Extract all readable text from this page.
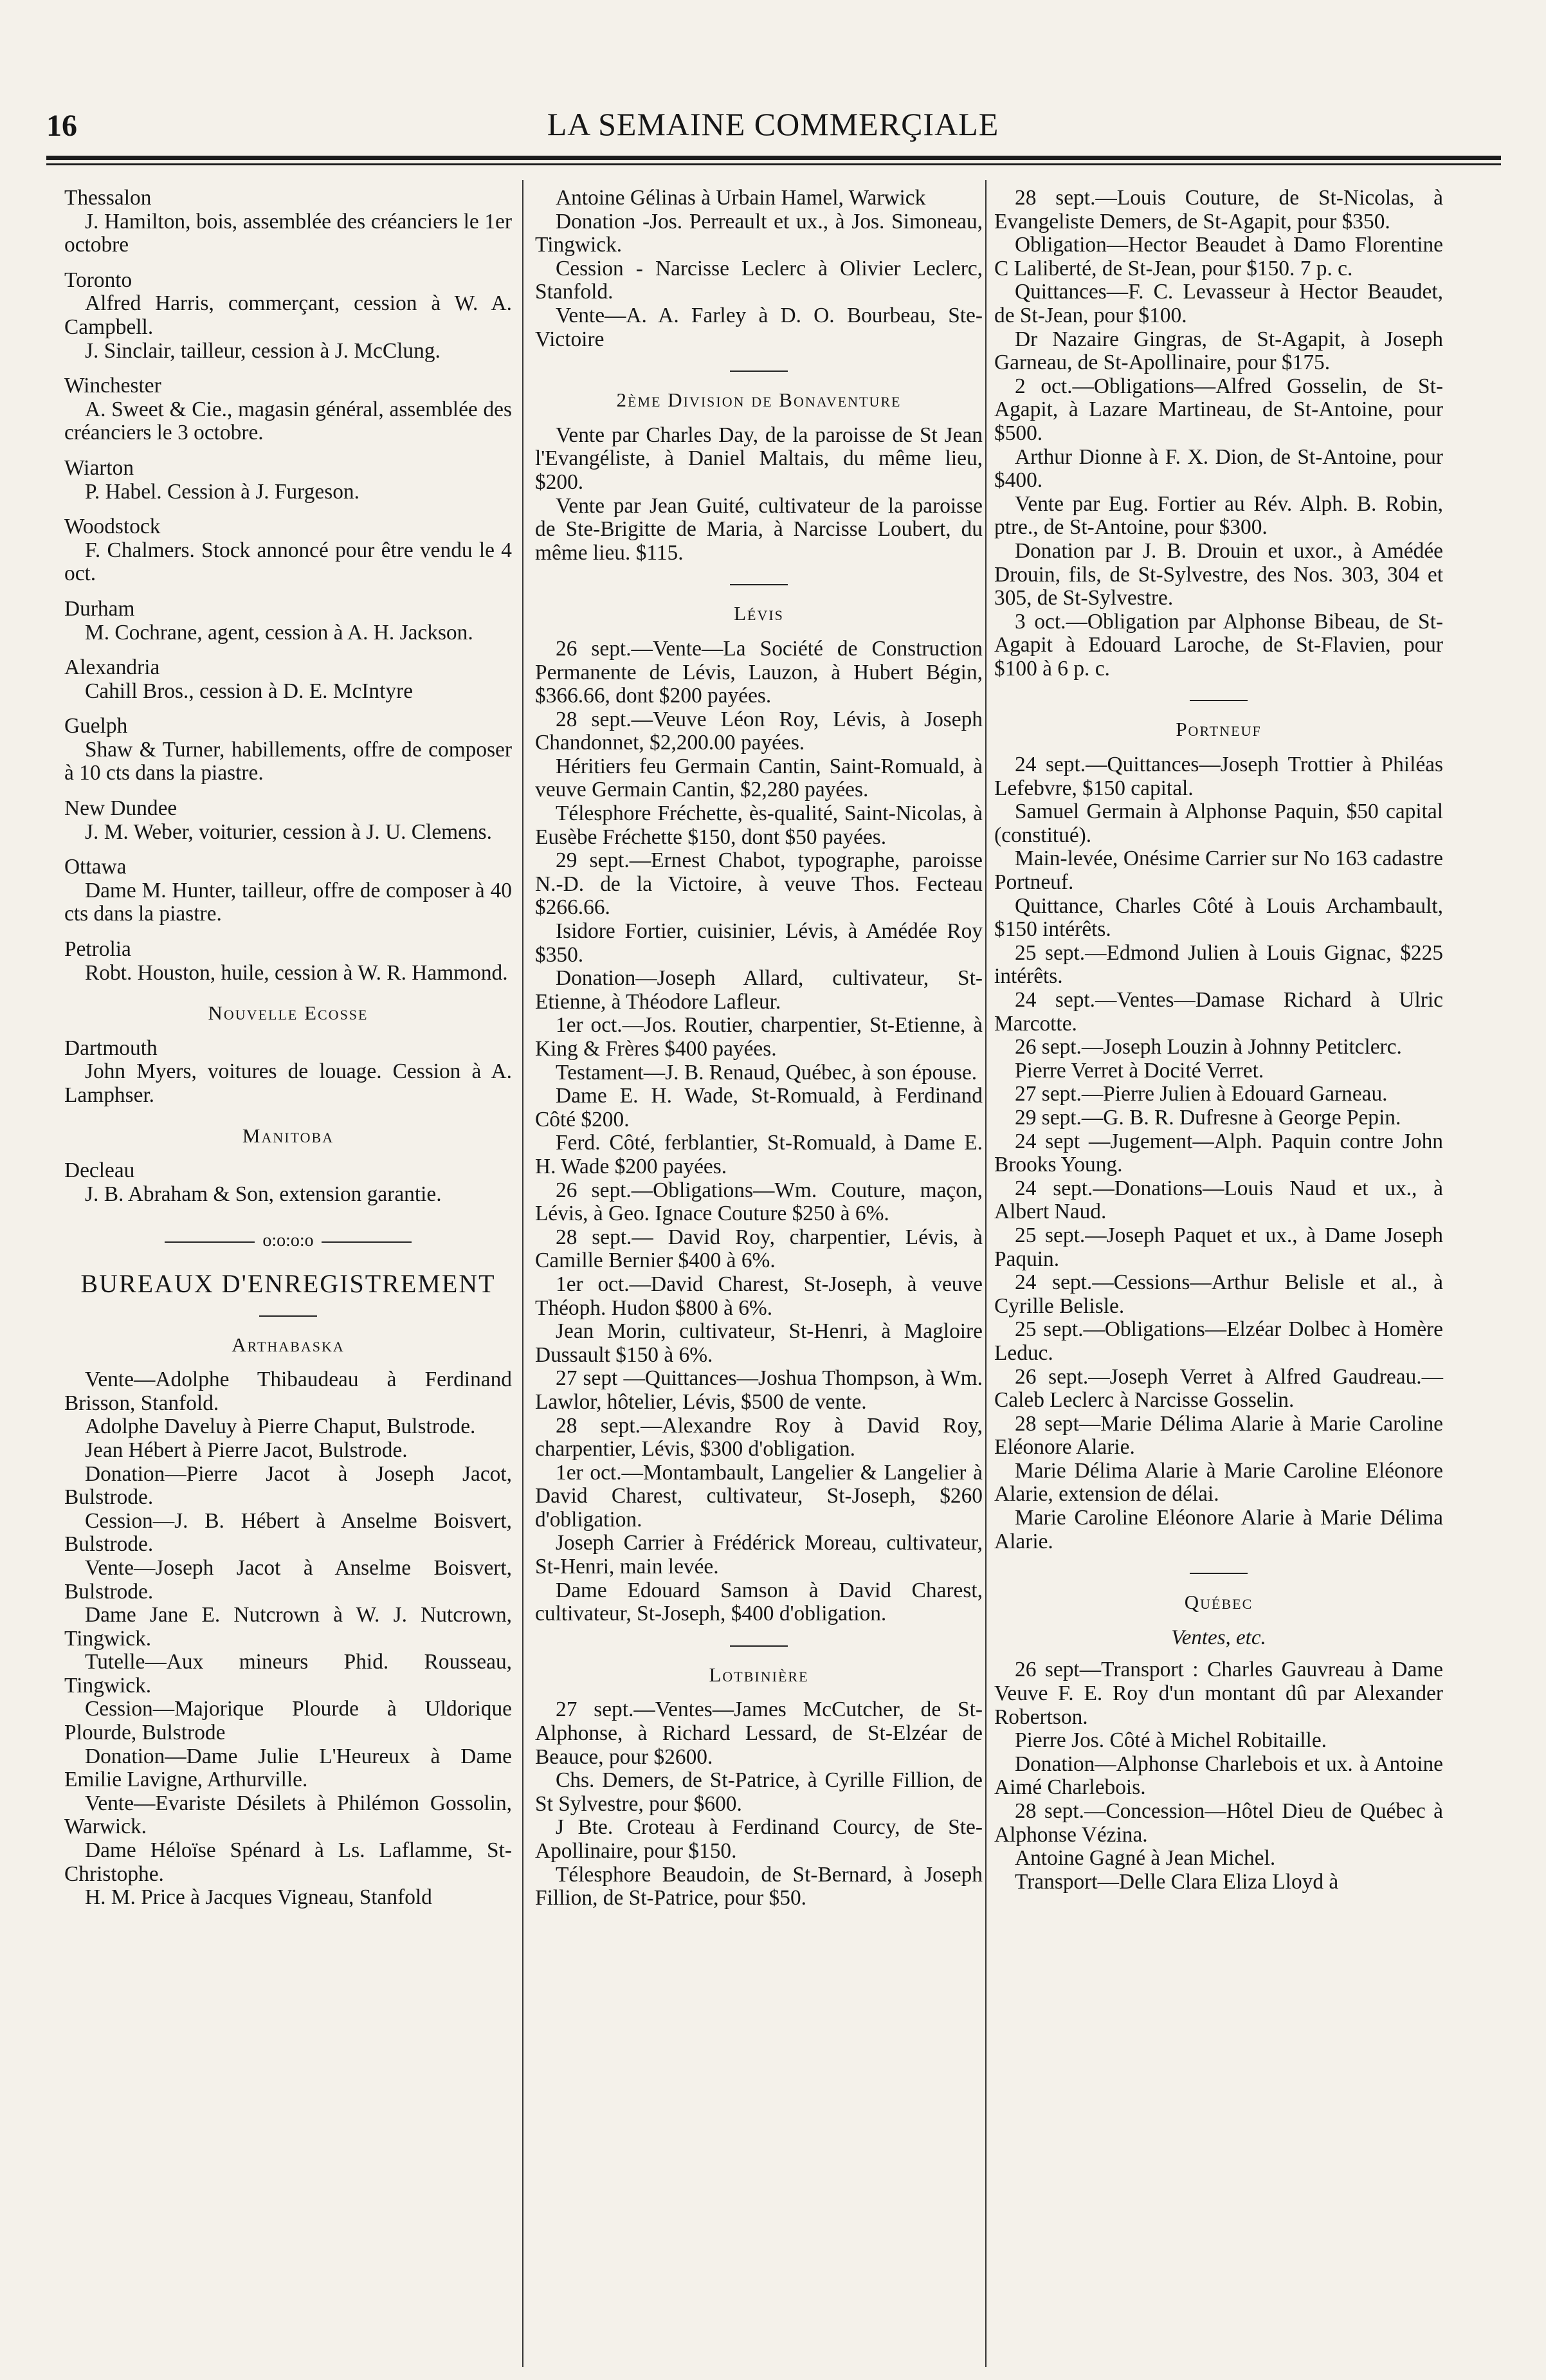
16	LA SEMAINE COMMERÇIALE

Thessalon

J. Hamilton, bois, assemblée des créanciers le 1er octobre

Toronto

Alfred Harris, commerçant, cession à W. A. Campbell.

J. Sinclair, tailleur, cession à J. McClung.

Winchester

A. Sweet & Cie., magasin général, assemblée des créanciers le 3 octobre.

Wiarton

P. Habel. Cession à J. Furgeson.

Woodstock

F. Chalmers. Stock annoncé pour être vendu le 4 oct.

Durham

M. Cochrane, agent, cession à A. H. Jackson.

Alexandria

Cahill Bros., cession à D. E. McIntyre

Guelph

Shaw & Turner, habillements, offre de composer à 10 cts dans la piastre.

New Dundee

J. M. Weber, voiturier, cession à J. U. Clemens.

Ottawa

Dame M. Hunter, tailleur, offre de composer à 40 cts dans la piastre.

Petrolia

Robt. Houston, huile, cession à W. R. Hammond.

Nouvelle Ecosse

Dartmouth

John Myers, voitures de louage. Cession à A. Lamphser.

Manitoba

Decleau

J. B. Abraham & Son, extension garantie.

o:o:o:o
BUREAUX D'ENREGISTREMENT
Arthabaska

Vente—Adolphe Thibaudeau à Ferdinand Brisson, Stanfold.

Adolphe Daveluy à Pierre Chaput, Bulstrode.

Jean Hébert à Pierre Jacot, Bulstrode.

Donation—Pierre Jacot à Joseph Jacot, Bulstrode.

Cession—J. B. Hébert à Anselme Boisvert, Bulstrode.

Vente—Joseph Jacot à Anselme Boisvert, Bulstrode.

Dame Jane E. Nutcrown à W. J. Nutcrown, Tingwick.

Tutelle—Aux mineurs Phid. Rousseau, Tingwick.

Cession—Majorique Plourde à Uldorique Plourde, Bulstrode

Donation—Dame Julie L'Heureux à Dame Emilie Lavigne, Arthurville.

Vente—Evariste Désilets à Philémon Gossolin, Warwick.

Dame Héloïse Spénard à Ls. Laflamme, St-Christophe.

H. M. Price à Jacques Vigneau, Stanfold

Antoine Gélinas à Urbain Hamel, Warwick

Donation -Jos. Perreault et ux., à Jos. Simoneau, Tingwick.

Cession - Narcisse Leclerc à Olivier Leclerc, Stanfold.

Vente—A. A. Farley à D. O. Bourbeau, Ste-Victoire

2ème Division de Bonaventure

Vente par Charles Day, de la paroisse de St Jean l'Evangéliste, à Daniel Maltais, du même lieu, $200.

Vente par Jean Guité, cultivateur de la paroisse de Ste-Brigitte de Maria, à Narcisse Loubert, du même lieu. $115.

Lévis

26 sept.—Vente—La Société de Construction Permanente de Lévis, Lauzon, à Hubert Bégin, $366.66, dont $200 payées.

28 sept.—Veuve Léon Roy, Lévis, à Joseph Chandonnet, $2,200.00 payées.

Héritiers feu Germain Cantin, Saint-Romuald, à veuve Germain Cantin, $2,280 payées.

Télesphore Fréchette, ès-qualité, Saint-Nicolas, à Eusèbe Fréchette $150, dont $50 payées.

29 sept.—Ernest Chabot, typographe, paroisse N.-D. de la Victoire, à veuve Thos. Fecteau $266.66.

Isidore Fortier, cuisinier, Lévis, à Amédée Roy $350.

Donation—Joseph Allard, cultivateur, St-Etienne, à Théodore Lafleur.

1er oct.—Jos. Routier, charpentier, St-Etienne, à King & Frères $400 payées.

Testament—J. B. Renaud, Québec, à son épouse.

Dame E. H. Wade, St-Romuald, à Ferdinand Côté $200.

Ferd. Côté, ferblantier, St-Romuald, à Dame E. H. Wade $200 payées.

26 sept.—Obligations—Wm. Couture, maçon, Lévis, à Geo. Ignace Couture $250 à 6%.

28 sept.— David Roy, charpentier, Lévis, à Camille Bernier $400 à 6%.

1er oct.—David Charest, St-Joseph, à veuve Théoph. Hudon $800 à 6%.

Jean Morin, cultivateur, St-Henri, à Magloire Dussault $150 à 6%.

27 sept —Quittances—Joshua Thompson, à Wm. Lawlor, hôtelier, Lévis, $500 de vente.

28 sept.—Alexandre Roy à David Roy, charpentier, Lévis, $300 d'obligation.

1er oct.—Montambault, Langelier & Langelier à David Charest, cultivateur, St-Joseph, $260 d'obligation.

Joseph Carrier à Frédérick Moreau, cultivateur, St-Henri, main levée.

Dame Edouard Samson à David Charest, cultivateur, St-Joseph, $400 d'obligation.

Lotbinière

27 sept.—Ventes—James McCutcher, de St-Alphonse, à Richard Lessard, de St-Elzéar de Beauce, pour $2600.

Chs. Demers, de St-Patrice, à Cyrille Fillion, de St Sylvestre, pour $600.

J Bte. Croteau à Ferdinand Courcy, de Ste-Apollinaire, pour $150.

Télesphore Beaudoin, de St-Bernard, à Joseph Fillion, de St-Patrice, pour $50.

28 sept.—Louis Couture, de St-Nicolas, à Evangeliste Demers, de St-Agapit, pour $350.

Obligation—Hector Beaudet à Damo Florentine C Laliberté, de St-Jean, pour $150. 7 p. c.

Quittances—F. C. Levasseur à Hector Beaudet, de St-Jean, pour $100.

Dr Nazaire Gingras, de St-Agapit, à Joseph Garneau, de St-Apollinaire, pour $175.

2 oct.—Obligations—Alfred Gosselin, de St-Agapit, à Lazare Martineau, de St-Antoine, pour $500.

Arthur Dionne à F. X. Dion, de St-Antoine, pour $400.

Vente par Eug. Fortier au Rév. Alph. B. Robin, ptre., de St-Antoine, pour $300.

Donation par J. B. Drouin et uxor., à Amédée Drouin, fils, de St-Sylvestre, des Nos. 303, 304 et 305, de St-Sylvestre.

3 oct.—Obligation par Alphonse Bibeau, de St-Agapit à Edouard Laroche, de St-Flavien, pour $100 à 6 p. c.

Portneuf

24 sept.—Quittances—Joseph Trottier à Philéas Lefebvre, $150 capital.

Samuel Germain à Alphonse Paquin, $50 capital (constitué).

Main-levée, Onésime Carrier sur No 163 cadastre Portneuf.

Quittance, Charles Côté à Louis Archambault, $150 intérêts.

25 sept.—Edmond Julien à Louis Gignac, $225 intérêts.

24 sept.—Ventes—Damase Richard à Ulric Marcotte.

26 sept.—Joseph Louzin à Johnny Petitclerc.

Pierre Verret à Docité Verret.

27 sept.—Pierre Julien à Edouard Garneau.

29 sept.—G. B. R. Dufresne à George Pepin.

24 sept —Jugement—Alph. Paquin contre John Brooks Young.

24 sept.—Donations—Louis Naud et ux., à Albert Naud.

25 sept.—Joseph Paquet et ux., à Dame Joseph Paquin.

24 sept.—Cessions—Arthur Belisle et al., à Cyrille Belisle.

25 sept.—Obligations—Elzéar Dolbec à Homère Leduc.

26 sept.—Joseph Verret à Alfred Gaudreau.—Caleb Leclerc à Narcisse Gosselin.

28 sept—Marie Délima Alarie à Marie Caroline Eléonore Alarie.

Marie Délima Alarie à Marie Caroline Eléonore Alarie, extension de délai.

Marie Caroline Eléonore Alarie à Marie Délima Alarie.

Québec
Ventes, etc.

26 sept—Transport : Charles Gauvreau à Dame Veuve F. E. Roy d'un montant dû par Alexander Robertson.

Pierre Jos. Côté à Michel Robitaille.

Donation—Alphonse Charlebois et ux. à Antoine Aimé Charlebois.

28 sept.—Concession—Hôtel Dieu de Québec à Alphonse Vézina.

Antoine Gagné à Jean Michel.

Transport—Delle Clara Eliza Lloyd à
